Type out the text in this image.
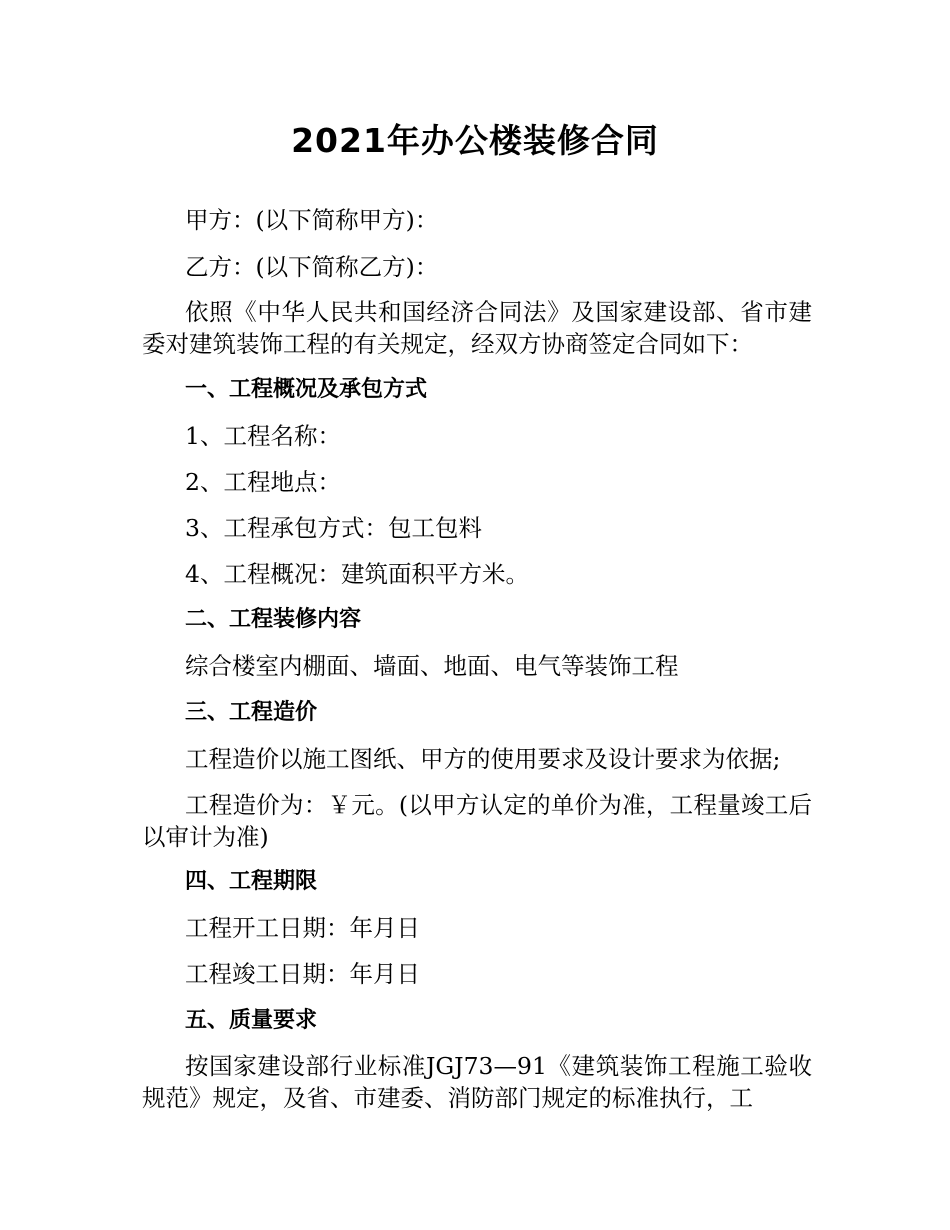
2021年办公楼装修合同
甲方：(以下简称甲方)：
乙方：(以下简称乙方)：
依照《中华人民共和国经济合同法》及国家建设部、省市建委对建筑装饰工程的有关规定，经双方协商签定合同如下：
一、工程概况及承包方式
1、工程名称：
2、工程地点：
3、工程承包方式：包工包料
4、工程概况：建筑面积平方米。
二、工程装修内容
综合楼室内棚面、墙面、地面、电气等装饰工程
三、工程造价
工程造价以施工图纸、甲方的使用要求及设计要求为依据;
工程造价为：￥元。(以甲方认定的单价为准，工程量竣工后以审计为准)
四、工程期限
工程开工日期：年月日
工程竣工日期：年月日
五、质量要求
按国家建设部行业标准JGJ73—91《建筑装饰工程施工验收规范》规定，及省、市建委、消防部门规定的标准执行，工
